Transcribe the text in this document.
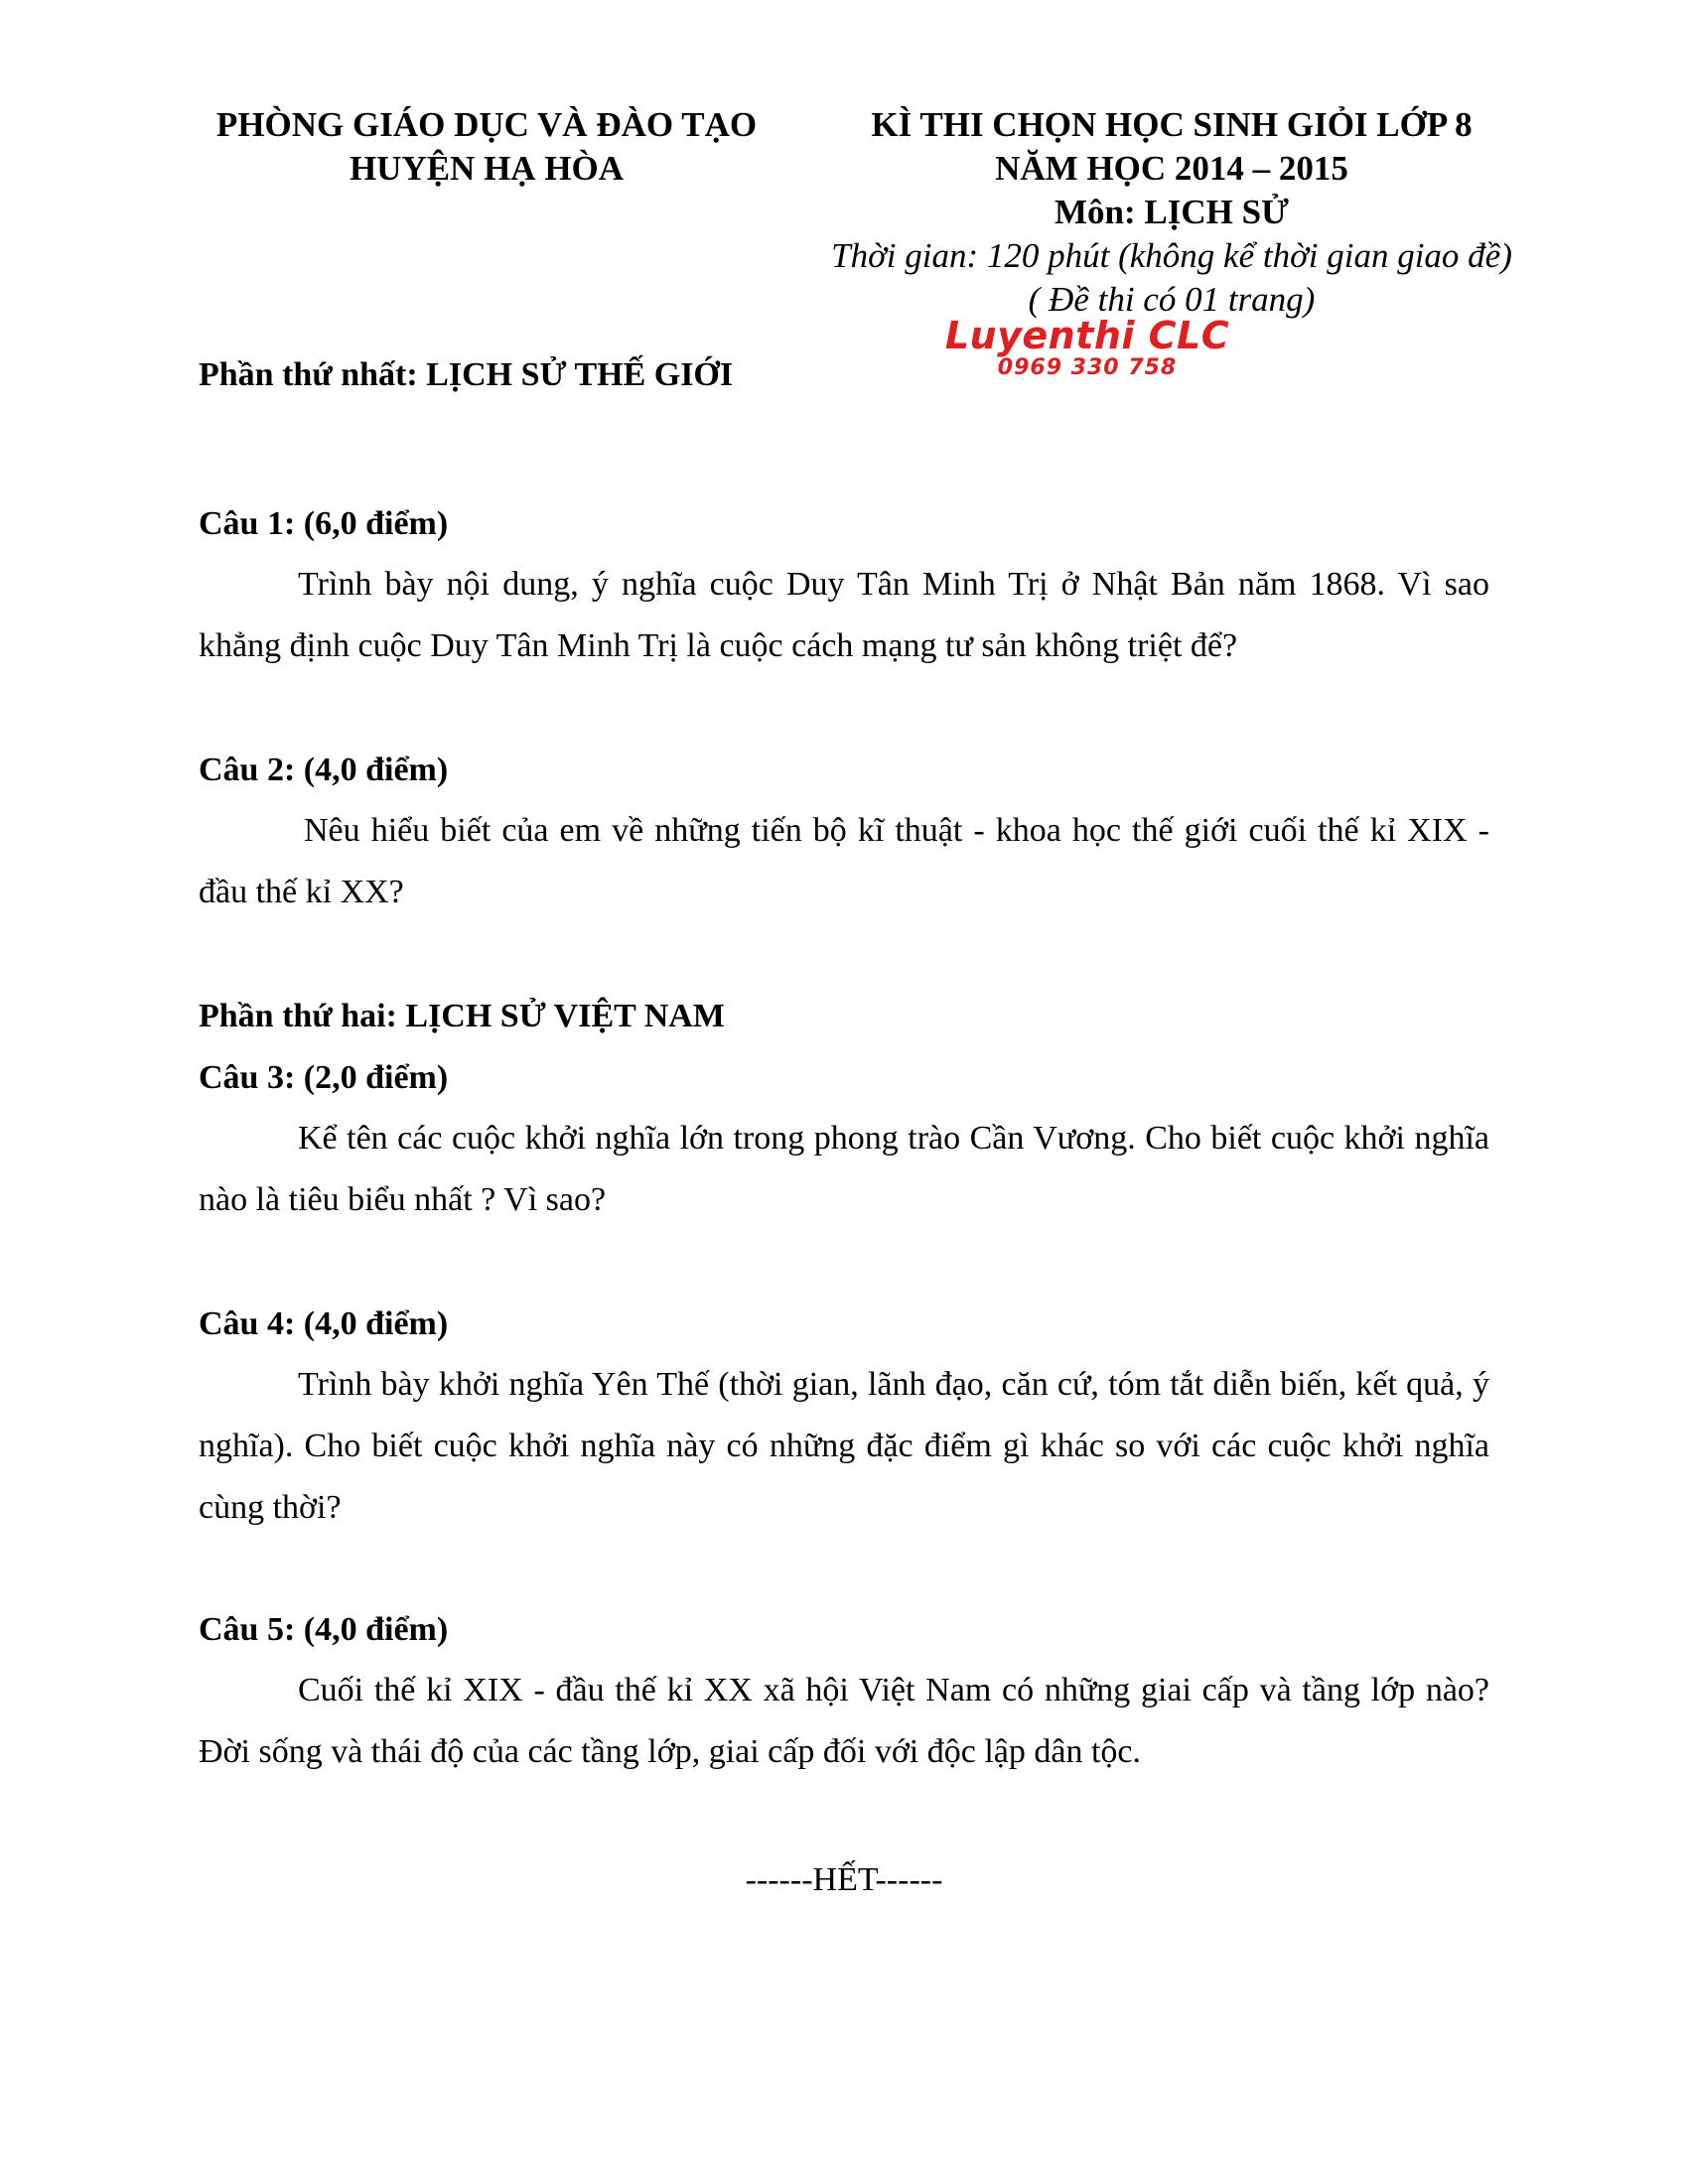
PHÒNG GIÁO DỤC VÀ ĐÀO TẠO
HUYỆN HẠ HÒA
KÌ THI CHỌN HỌC SINH GIỎI LỚP 8
NĂM HỌC 2014 – 2015
Môn: LỊCH SỬ
Thời gian: 120 phút (không kể thời gian giao đề)
( Đề thi có 01 trang)
Luyenthi CLC
0969 330 758
Phần thứ nhất: LỊCH SỬ THẾ GIỚI
Câu 1: (6,0 điểm)
Trình bày nội dung, ý nghĩa cuộc Duy Tân Minh Trị ở Nhật Bản năm 1868. Vì sao khẳng định cuộc Duy Tân Minh Trị là cuộc cách mạng tư sản không triệt để?
Câu 2: (4,0 điểm)
Nêu hiểu biết của em về những tiến bộ kĩ thuật - khoa học thế giới cuối thế kỉ XIX - đầu thế kỉ XX?
Phần thứ hai: LỊCH SỬ VIỆT NAM
Câu 3: (2,0 điểm)
Kể tên các cuộc khởi nghĩa lớn trong phong trào Cần Vương. Cho biết cuộc khởi nghĩa nào là tiêu biểu nhất ? Vì sao?
Câu 4: (4,0 điểm)
Trình bày khởi nghĩa Yên Thế (thời gian, lãnh đạo, căn cứ, tóm tắt diễn biến, kết quả, ý nghĩa). Cho biết cuộc khởi nghĩa này có những đặc điểm gì khác so với các cuộc khởi nghĩa cùng thời?
Câu 5: (4,0 điểm)
Cuối thế kỉ XIX - đầu thế kỉ XX xã hội Việt Nam có những giai cấp và tầng lớp nào? Đời sống và thái độ của các tầng lớp, giai cấp đối với độc lập dân tộc.
------HẾT------
